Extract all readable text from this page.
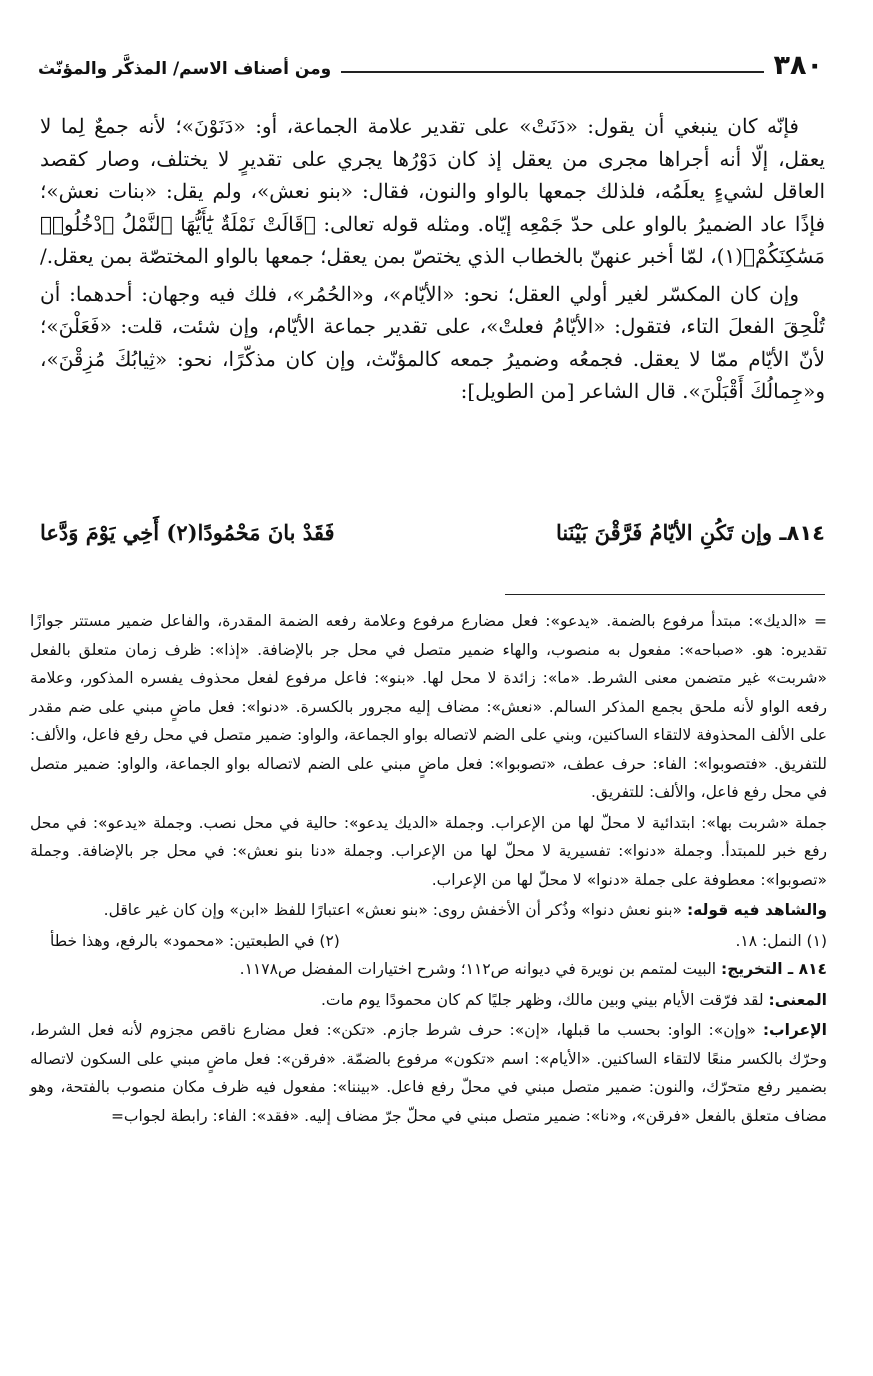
٣٨٠
ومن أصناف الاسم/ المذكَّر والمؤنّث

فإنّه كان ينبغي أن يقول: «دَنَتْ» على تقدير علامة الجماعة، أو: «دَنَوْنَ»؛ لأنه جمعٌ لِما لا يعقل، إلّا أنه أجراها مجرى من يعقل إذ كان دَوْرُها يجري على تقديرٍ لا يختلف، وصار كقصد العاقل لشيءٍ يعلَمُه، فلذلك جمعها بالواو والنون، فقال: «بنو نعش»، ولم يقل: «بنات نعش»؛ فإذًا عاد الضميرُ بالواو على حدّ جَمْعِه إيّاه. ومثله قوله تعالى: ﴿قَالَتْ نَمْلَةٌ يَٰٓأَيُّهَا ٱلنَّمْلُ ٱدْخُلُوا۟ مَسَٰكِنَكُمْ﴾(١)، لمّا أخبر عنهنّ بالخطاب الذي يختصّ بمن يعقل؛ جمعها بالواو المختصّة بمن يعقل./

وإن كان المكسّر لغير أولي العقل؛ نحو: «الأيّام»، و«الحُمُر»، فلك فيه وجهان: أحدهما: أن تُلْحِقَ الفعلَ التاء، فتقول: «الأيّامُ فعلتْ»، على تقدير جماعة الأيّام، وإن شئت، قلت: «فَعَلْنَ»؛ لأنّ الأيّام ممّا لا يعقل. فجمعُه وضميرُ جمعه كالمؤنّث، وإن كان مذكّرًا، نحو: «ثِيابُكَ مُزِقْنَ»، و«جِمالُكَ أَقْبَلْنَ». قال الشاعر [من الطويل]:

٨١٤ـ وإن تَكُنِ الأيّامُ فَرَّقْنَ بَيْنَنا
فَقَدْ بانَ مَحْمُودًا(٢) أَخِي يَوْمَ وَدَّعا

= «الديك»: مبتدأ مرفوع بالضمة. «يدعو»: فعل مضارع مرفوع وعلامة رفعه الضمة المقدرة، والفاعل ضمير مستتر جوازًا تقديره: هو. «صباحه»: مفعول به منصوب، والهاء ضمير متصل في محل جر بالإضافة. «إذا»: ظرف زمان متعلق بالفعل «شربت» غير متضمن معنى الشرط. «ما»: زائدة لا محل لها. «بنو»: فاعل مرفوع لفعل محذوف يفسره المذكور، وعلامة رفعه الواو لأنه ملحق بجمع المذكر السالم. «نعش»: مضاف إليه مجرور بالكسرة. «دنوا»: فعل ماضٍ مبني على ضم مقدر على الألف المحذوفة لالتقاء الساكنين، وبني على الضم لاتصاله بواو الجماعة، والواو: ضمير متصل في محل رفع فاعل، والألف: للتفريق. «فتصوبوا»: الفاء: حرف عطف، «تصوبوا»: فعل ماضٍ مبني على الضم لاتصاله بواو الجماعة، والواو: ضمير متصل في محل رفع فاعل، والألف: للتفريق.

جملة «شربت بها»: ابتدائية لا محلّ لها من الإعراب. وجملة «الديك يدعو»: حالية في محل نصب. وجملة «يدعو»: في محل رفع خبر للمبتدأ. وجملة «دنوا»: تفسيرية لا محلّ لها من الإعراب. وجملة «دنا بنو نعش»: في محل جر بالإضافة. وجملة «تصوبوا»: معطوفة على جملة «دنوا» لا محلّ لها من الإعراب.

والشاهد فيه قوله: «بنو نعش دنوا» وذُكر أن الأخفش روى: «بنو نعش» اعتبارًا للفظ «ابن» وإن كان غير عاقل.

(١) النمل: ١٨.
(٢) في الطبعتين: «محمود» بالرفع، وهذا خطأ

٨١٤ ـ التخريج: البيت لمتمم بن نويرة في ديوانه ص١١٢؛ وشرح اختيارات المفضل ص١١٧٨.

المعنى: لقد فرّقت الأيام بيني وبين مالك، وظهر جليًا كم كان محمودًا يوم مات.

الإعراب: «وإن»: الواو: بحسب ما قبلها، «إن»: حرف شرط جازم. «تكن»: فعل مضارع ناقص مجزوم لأنه فعل الشرط، وحرّك بالكسر منعًا لالتقاء الساكنين. «الأيام»: اسم «تكون» مرفوع بالضمّة. «فرقن»: فعل ماضٍ مبني على السكون لاتصاله بضمير رفع متحرّك، والنون: ضمير متصل مبني في محلّ رفع فاعل. «بيننا»: مفعول فيه ظرف مكان منصوب بالفتحة، وهو مضاف متعلق بالفعل «فرقن»، و«نا»: ضمير متصل مبني في محلّ جرّ مضاف إليه. «فقد»: الفاء: رابطة لجواب=
